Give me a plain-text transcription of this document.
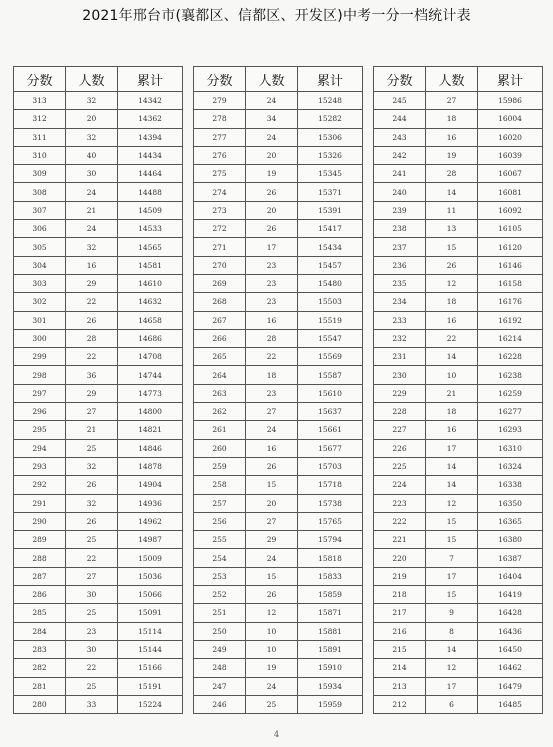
2021年邢台市(襄都区、信都区、开发区)中考一分一档统计表
分数	人数	累计
313	32	14342
312	20	14362
311	32	14394
310	40	14434
309	30	14464
308	24	14488
307	21	14509
306	24	14533
305	32	14565
304	16	14581
303	29	14610
302	22	14632
301	26	14658
300	28	14686
299	22	14708
298	36	14744
297	29	14773
296	27	14800
295	21	14821
294	25	14846
293	32	14878
292	26	14904
291	32	14936
290	26	14962
289	25	14987
288	22	15009
287	27	15036
286	30	15066
285	25	15091
284	23	15114
283	30	15144
282	22	15166
281	25	15191
280	33	15224
分数	人数	累计
279	24	15248
278	34	15282
277	24	15306
276	20	15326
275	19	15345
274	26	15371
273	20	15391
272	26	15417
271	17	15434
270	23	15457
269	23	15480
268	23	15503
267	16	15519
266	28	15547
265	22	15569
264	18	15587
263	23	15610
262	27	15637
261	24	15661
260	16	15677
259	26	15703
258	15	15718
257	20	15738
256	27	15765
255	29	15794
254	24	15818
253	15	15833
252	26	15859
251	12	15871
250	10	15881
249	10	15891
248	19	15910
247	24	15934
246	25	15959
分数	人数	累计
245	27	15986
244	18	16004
243	16	16020
242	19	16039
241	28	16067
240	14	16081
239	11	16092
238	13	16105
237	15	16120
236	26	16146
235	12	16158
234	18	16176
233	16	16192
232	22	16214
231	14	16228
230	10	16238
229	21	16259
228	18	16277
227	16	16293
226	17	16310
225	14	16324
224	14	16338
223	12	16350
222	15	16365
221	15	16380
220	7	16387
219	17	16404
218	15	16419
217	9	16428
216	8	16436
215	14	16450
214	12	16462
213	17	16479
212	6	16485
4
